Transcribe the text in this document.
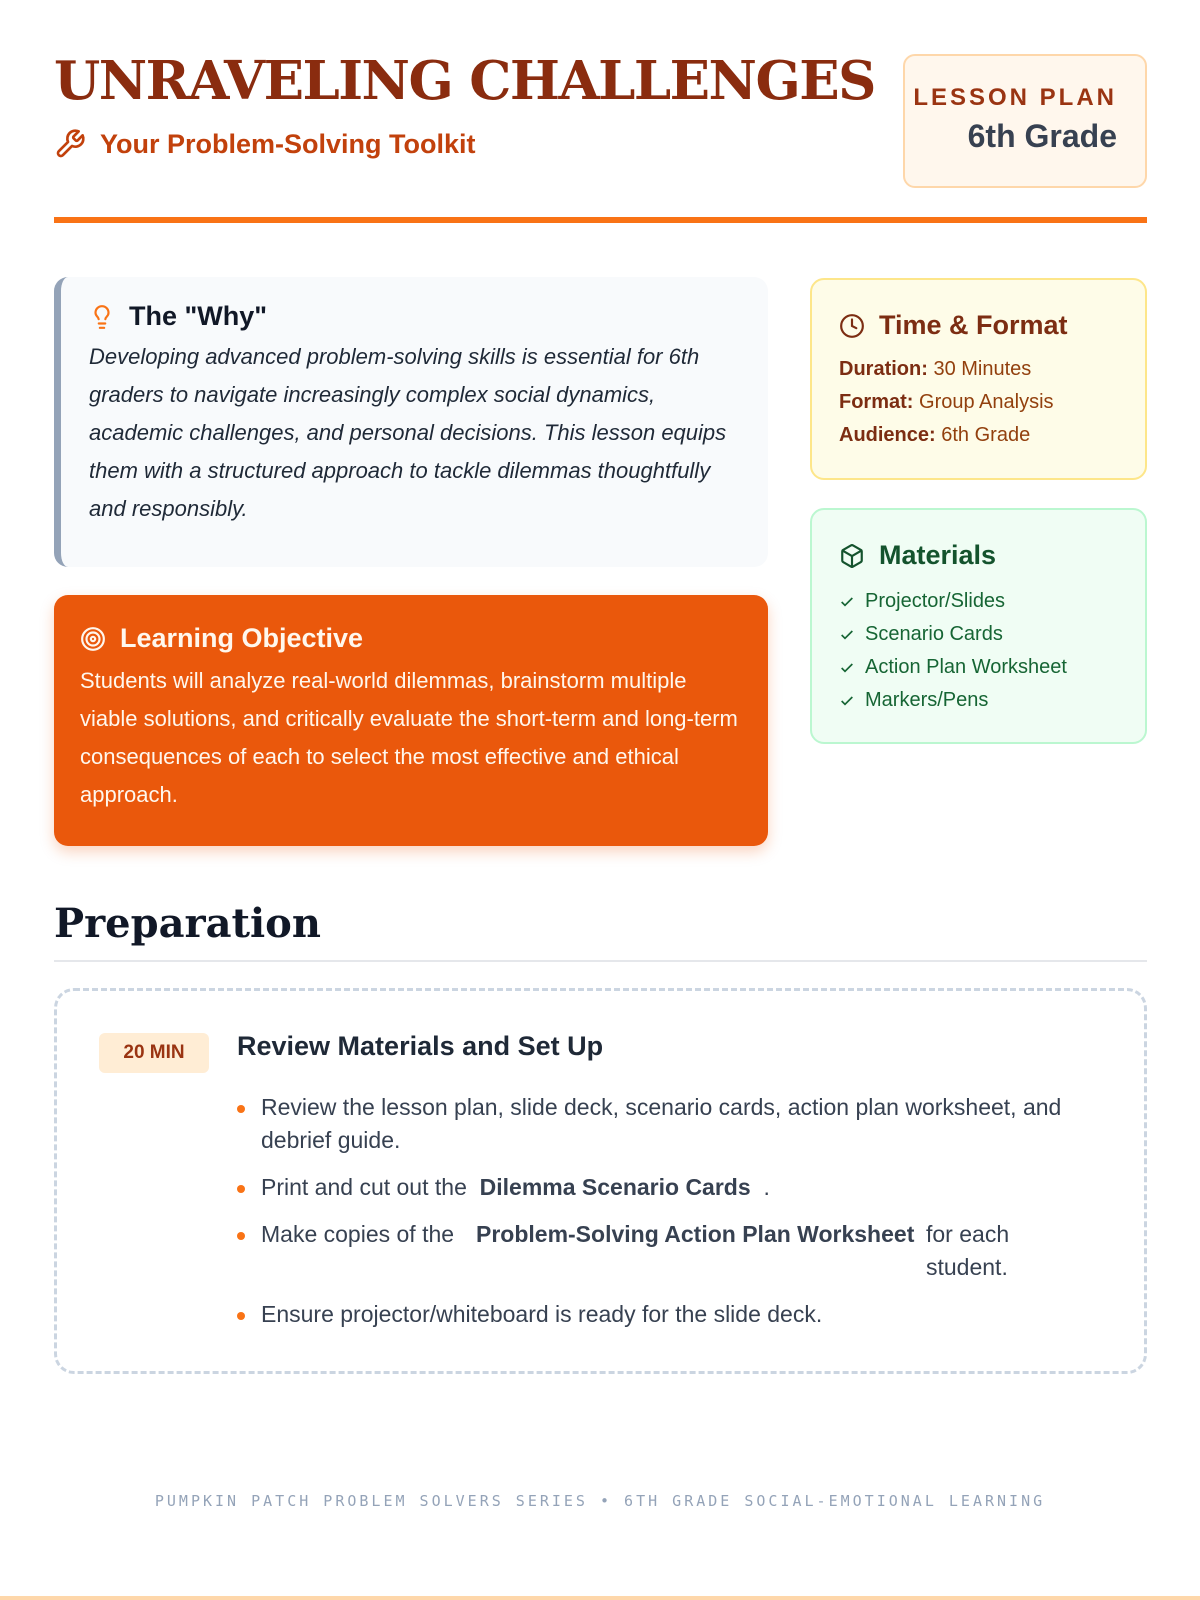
UNRAVELING CHALLENGES
Your Problem-Solving Toolkit
LESSON PLAN
6th Grade
The "Why"

Developing advanced problem-solving skills is essential for 6th graders to navigate increasingly complex social dynamics, academic challenges, and personal decisions. This lesson equips them with a structured approach to tackle dilemmas thoughtfully and responsibly.

Learning Objective

Students will analyze real-world dilemmas, brainstorm multiple viable solutions, and critically evaluate the short-term and long-term consequences of each to select the most effective and ethical approach.

Time & Format
Duration: 30 Minutes
Format: Group Analysis
Audience: 6th Grade
Materials
Projector/Slides
Scenario Cards
Action Plan Worksheet
Markers/Pens
Preparation
20 MIN	Review Materials and Set Up
Review the lesson plan, slide deck, scenario cards, action plan worksheet, and debrief guide.
Print and cut out the Dilemma Scenario Cards .
Make copies of the Problem-Solving Action Plan Worksheet for each student.
Ensure projector/whiteboard is ready for the slide deck.
PUMPKIN PATCH PROBLEM SOLVERS SERIES • 6TH GRADE SOCIAL-EMOTIONAL LEARNING
